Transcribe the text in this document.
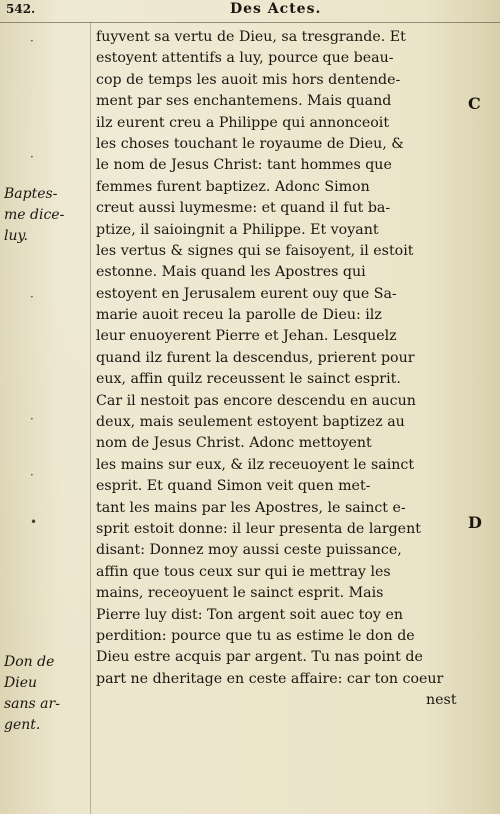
542.	Des Actes.
·
·
·
·
·
•
Baptes-
me dice-
luy.
Don de
Dieu
sans ar-
gent.
C
D
fuyvent sa vertu de Dieu, sa tresgrande. Et
estoyent attentifs a luy, pource que beau-
cop de temps les auoit mis hors dentende-
ment par ses enchantemens. Mais quand
ilz eurent creu a Philippe qui annonceoit
les choses touchant le royaume de Dieu, &
le nom de Jesus Christ: tant hommes que
femmes furent baptizez. Adonc Simon
creut aussi luymesme: et quand il fut ba-
ptize, il saioingnit a Philippe. Et voyant
les vertus & signes qui se faisoyent, il estoit
estonne. Mais quand les Apostres qui
estoyent en Jerusalem eurent ouy que Sa-
marie auoit receu la parolle de Dieu: ilz
leur enuoyerent Pierre et Jehan. Lesquelz
quand ilz furent la descendus, prierent pour
eux, affin quilz receussent le sainct esprit.
Car il nestoit pas encore descendu en aucun
deux, mais seulement estoyent baptizez au
nom de Jesus Christ. Adonc mettoyent
les mains sur eux, & ilz receuoyent le sainct
esprit. Et quand Simon veit quen met-
tant les mains par les Apostres, le sainct e-
sprit estoit donne: il leur presenta de largent
disant: Donnez moy aussi ceste puissance,
affin que tous ceux sur qui ie mettray les
mains, receoyuent le sainct esprit. Mais
Pierre luy dist: Ton argent soit auec toy en
perdition: pource que tu as estime le don de
Dieu estre acquis par argent. Tu nas point de
part ne dheritage en ceste affaire: car ton coeur
nest
